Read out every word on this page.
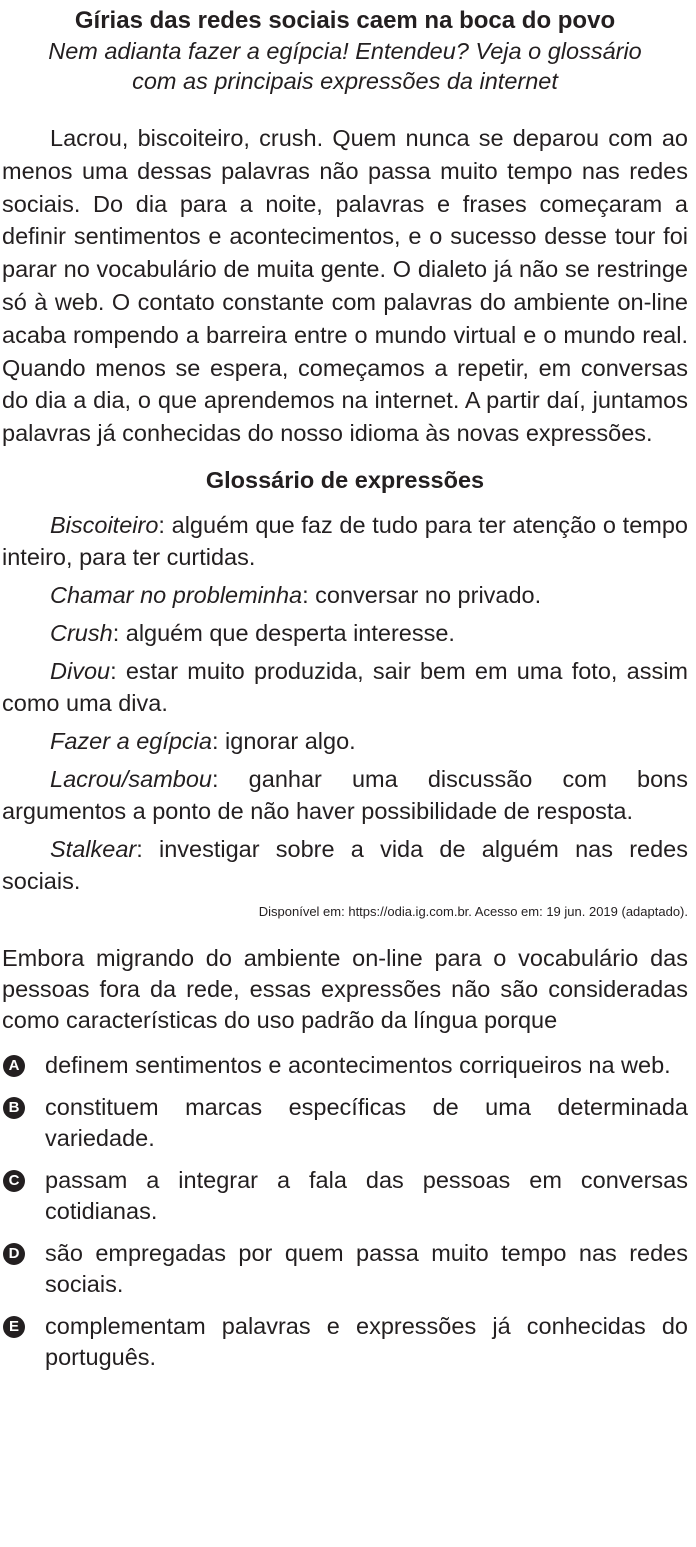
Gírias das redes sociais caem na boca do povo

Nem adianta fazer a egípcia! Entendeu? Veja o glossário
com as principais expressões da internet

Lacrou, biscoiteiro, crush. Quem nunca se deparou com ao menos uma dessas palavras não passa muito tempo nas redes sociais. Do dia para a noite, palavras e frases começaram a definir sentimentos e acontecimentos, e o sucesso desse tour foi parar no vocabulário de muita gente. O dialeto já não se restringe só à web. O contato constante com palavras do ambiente on-line acaba rompendo a barreira entre o mundo virtual e o mundo real. Quando menos se espera, começamos a repetir, em conversas do dia a dia, o que aprendemos na internet. A partir daí, juntamos palavras já conhecidas do nosso idioma às novas expressões.

Glossário de expressões

Biscoiteiro: alguém que faz de tudo para ter atenção o tempo inteiro, para ter curtidas.

Chamar no probleminha: conversar no privado.

Crush: alguém que desperta interesse.

Divou: estar muito produzida, sair bem em uma foto, assim como uma diva.

Fazer a egípcia: ignorar algo.

Lacrou/sambou: ganhar uma discussão com bons argumentos a ponto de não haver possibilidade de resposta.

Stalkear: investigar sobre a vida de alguém nas redes sociais.

Disponível em: https://odia.ig.com.br. Acesso em: 19 jun. 2019 (adaptado).

Embora migrando do ambiente on-line para o vocabulário das pessoas fora da rede, essas expressões não são consideradas como características do uso padrão da língua porque

A definem sentimentos e acontecimentos corriqueiros na web.
B constituem marcas específicas de uma determinada variedade.
C passam a integrar a fala das pessoas em conversas cotidianas.
D são empregadas por quem passa muito tempo nas redes sociais.
E complementam palavras e expressões já conhecidas do português.
